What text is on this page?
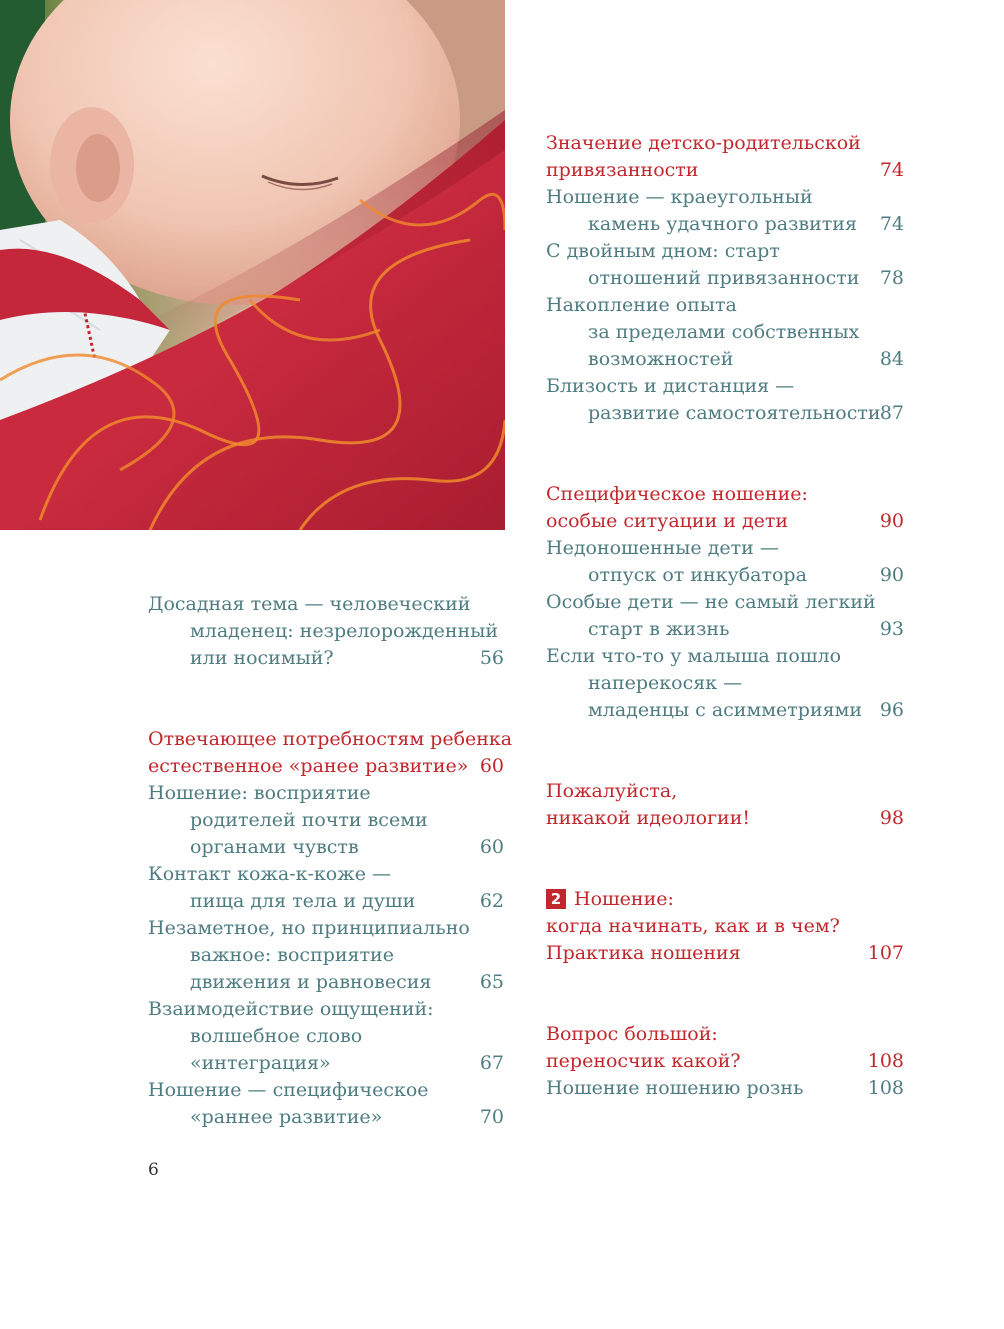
Досадная тема — человеческий
младенец: незрелорожденный
или носимый?	56
Отвечающее потребностям ребенка
естественное «ранее развитие» 60
Ношение: восприятие
родителей почти всеми
органами чувств	60
Контакт кожа-к-коже —
пища для тела и души	62
Незаметное, но принципиально
важное: восприятие
движения и равновесия	65
Взаимодействие ощущений:
волшебное слово
«интеграция»	67
Ношение — специфическое
«раннее развитие»	70
Значение детско-родительской
привязанности	74
Ношение — краеугольный
камень удачного развития 74
С двойным дном: старт
отношений привязанности 78
Накопление опыта
за пределами собственных
возможностей	84
Близость и дистанция —
развитие самостоятельности 87
Специфическое ношение:
особые ситуации и дети	90
Недоношенные дети —
отпуск от инкубатора	90
Особые дети — не самый легкий
старт в жизнь	93
Если что-то у малыша пошло
наперекосяк —
младенцы с асимметриями 96
Пожалуйста,
никакой идеологии!	98
2 Ношение:
когда начинать, как и в чем?
Практика ношения	107
Вопрос большой:
переносчик какой?	108
Ношение ношению рознь	108
6
